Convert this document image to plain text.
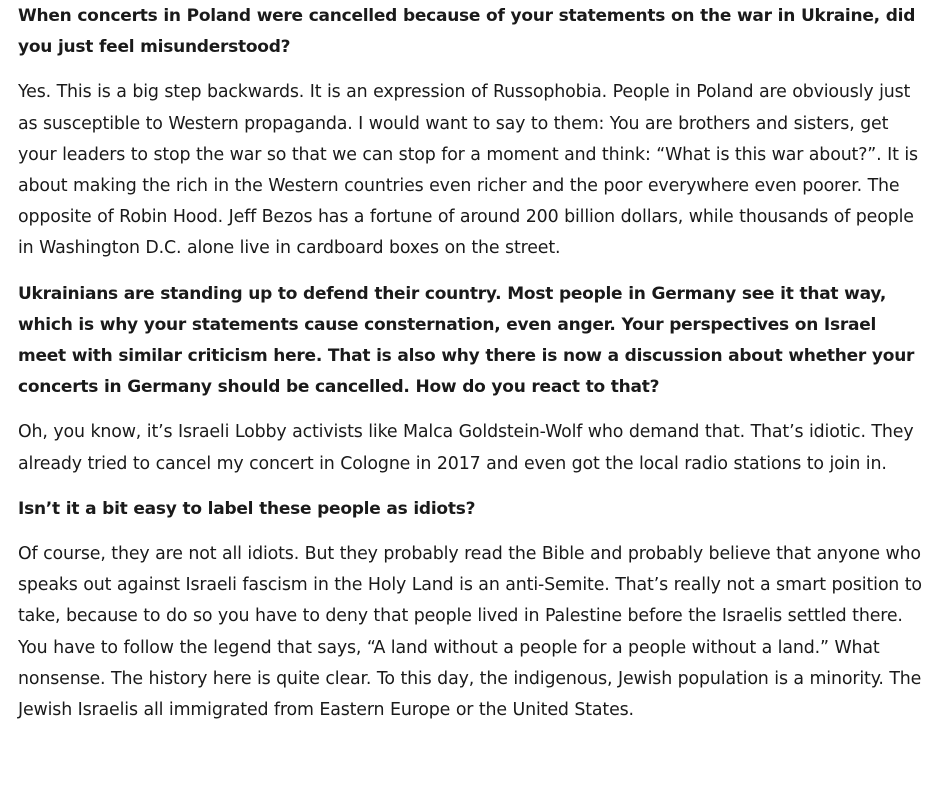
When concerts in Poland were cancelled because of your statements on the war in Ukraine, did you just feel misunderstood?

Yes. This is a big step backwards. It is an expression of Russophobia. People in Poland are obviously just as susceptible to Western propaganda. I would want to say to them: You are brothers and sisters, get your leaders to stop the war so that we can stop for a moment and think: “What is this war about?”. It is about making the rich in the Western countries even richer and the poor everywhere even poorer. The opposite of Robin Hood. Jeff Bezos has a fortune of around 200 billion dollars, while thousands of people in Washington D.C. alone live in cardboard boxes on the street.

Ukrainians are standing up to defend their country. Most people in Germany see it that way, which is why your statements cause consternation, even anger. Your perspectives on Israel meet with similar criticism here. That is also why there is now a discussion about whether your concerts in Germany should be cancelled. How do you react to that?

Oh, you know, it’s Israeli Lobby activists like Malca Goldstein-Wolf who demand that. That’s idiotic. They already tried to cancel my concert in Cologne in 2017 and even got the local radio stations to join in.

Isn’t it a bit easy to label these people as idiots?

Of course, they are not all idiots. But they probably read the Bible and probably believe that anyone who speaks out against Israeli fascism in the Holy Land is an anti-Semite. That’s really not a smart position to take, because to do so you have to deny that people lived in Palestine before the Israelis settled there. You have to follow the legend that says, “A land without a people for a people without a land.” What nonsense. The history here is quite clear. To this day, the indigenous, Jewish population is a minority. The Jewish Israelis all immigrated from Eastern Europe or the United States.
